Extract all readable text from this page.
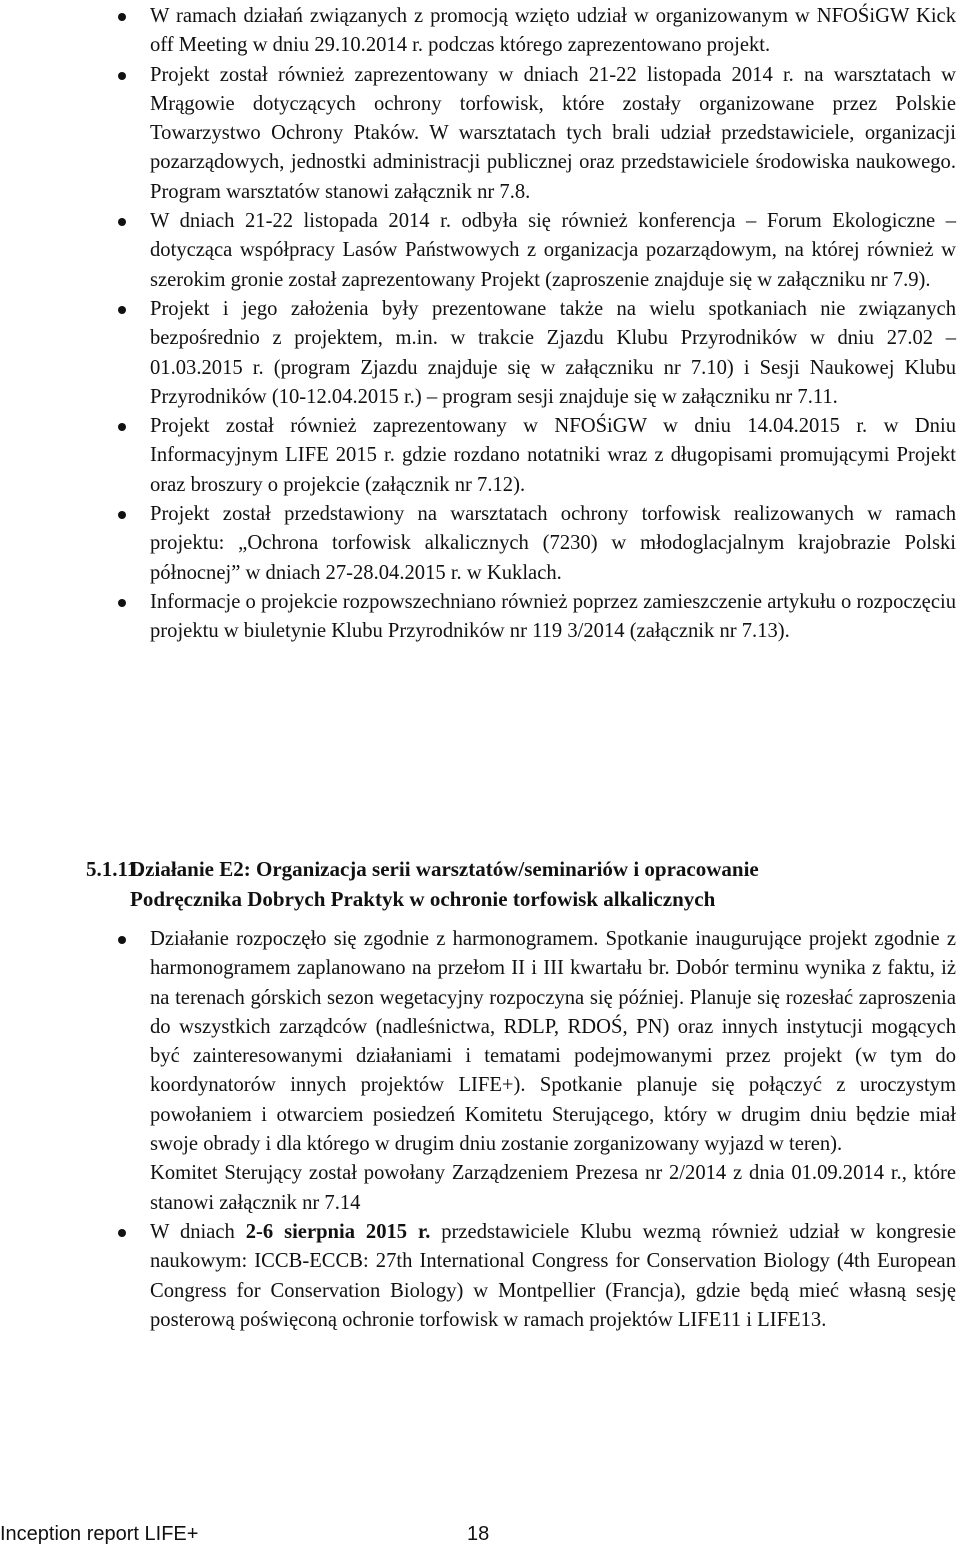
W ramach działań związanych z promocją wzięto udział w organizowanym w NFOŚiGW Kick off Meeting w dniu 29.10.2014 r. podczas którego zaprezentowano projekt.
Projekt został również zaprezentowany w dniach 21-22 listopada 2014 r. na warsztatach w Mrągowie dotyczących ochrony torfowisk, które zostały organizowane przez Polskie Towarzystwo Ochrony Ptaków. W warsztatach tych brali udział przedstawiciele, organizacji pozarządowych, jednostki administracji publicznej oraz przedstawiciele środowiska naukowego. Program warsztatów stanowi załącznik nr 7.8.
W dniach 21-22 listopada 2014 r. odbyła się również konferencja – Forum Ekologiczne – dotycząca współpracy Lasów Państwowych z organizacja pozarządowym, na której również w szerokim gronie został zaprezentowany Projekt (zaproszenie znajduje się w załączniku nr 7.9).
Projekt i jego założenia były prezentowane także na wielu spotkaniach nie związanych bezpośrednio z projektem, m.in. w trakcie Zjazdu Klubu Przyrodników w dniu 27.02 – 01.03.2015 r. (program Zjazdu znajduje się w załączniku nr 7.10) i Sesji Naukowej Klubu Przyrodników (10-12.04.2015 r.) – program sesji znajduje się w załączniku nr 7.11.
Projekt został również zaprezentowany w NFOŚiGW w dniu 14.04.2015 r. w Dniu Informacyjnym LIFE 2015 r. gdzie rozdano notatniki wraz z długopisami promującymi Projekt oraz broszury o projekcie (załącznik nr 7.12).
Projekt został przedstawiony na warsztatach ochrony torfowisk realizowanych w ramach projektu: „Ochrona torfowisk alkalicznych (7230) w młodoglacjalnym krajobrazie Polski północnej” w dniach 27-28.04.2015 r. w Kuklach.
Informacje o projekcie rozpowszechniano również poprzez zamieszczenie artykułu o rozpoczęciu projektu w biuletynie Klubu Przyrodników nr 119 3/2014 (załącznik nr 7.13).
5.1.11.Działanie E2: Organizacja serii warsztatów/seminariów i opracowanie
Podręcznika Dobrych Praktyk w ochronie torfowisk alkalicznych
Działanie rozpoczęło się zgodnie z harmonogramem. Spotkanie inaugurujące projekt zgodnie z harmonogramem zaplanowano na przełom II i III kwartału br. Dobór terminu wynika z faktu, iż na terenach górskich sezon wegetacyjny rozpoczyna się później. Planuje się rozesłać zaproszenia do wszystkich zarządców (nadleśnictwa, RDLP, RDOŚ, PN) oraz innych instytucji mogących być zainteresowanymi działaniami i tematami podejmowanymi przez projekt (w tym do koordynatorów innych projektów LIFE+). Spotkanie planuje się połączyć z uroczystym powołaniem i otwarciem posiedzeń Komitetu Sterującego, który w drugim dniu będzie miał swoje obrady i dla którego w drugim dniu zostanie zorganizowany wyjazd w teren).
Komitet Sterujący został powołany Zarządzeniem Prezesa nr 2/2014 z dnia 01.09.2014 r., które stanowi załącznik nr 7.14
W dniach 2-6 sierpnia 2015 r. przedstawiciele Klubu wezmą również udział w kongresie naukowym: ICCB-ECCB: 27th International Congress for Conservation Biology (4th European Congress for Conservation Biology) w Montpellier (Francja), gdzie będą mieć własną sesję posterową poświęconą ochronie torfowisk w ramach projektów LIFE11 i LIFE13.
Inception report LIFE+	18
